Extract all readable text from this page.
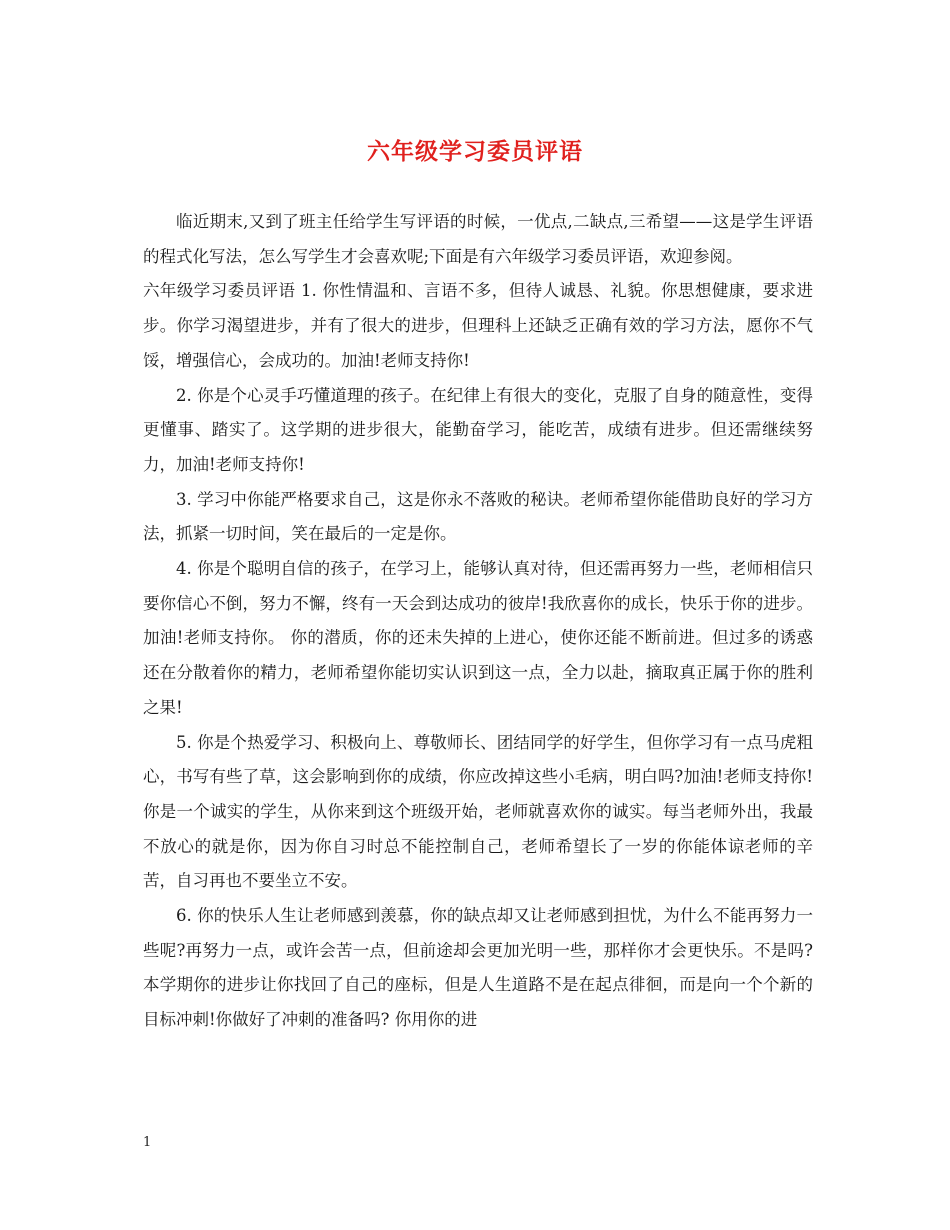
六年级学习委员评语

临近期末,又到了班主任给学生写评语的时候，一优点,二缺点,三希望——这是学生评语的程式化写法，怎么写学生才会喜欢呢;下面是有六年级学习委员评语，欢迎参阅。

六年级学习委员评语 1. 你性情温和、言语不多，但待人诚恳、礼貌。你思想健康，要求进步。你学习渴望进步，并有了很大的进步，但理科上还缺乏正确有效的学习方法，愿你不气馁，增强信心，会成功的。加油!老师支持你!

2. 你是个心灵手巧懂道理的孩子。在纪律上有很大的变化，克服了自身的随意性，变得更懂事、踏实了。这学期的进步很大，能勤奋学习，能吃苦，成绩有进步。但还需继续努力，加油!老师支持你!

3. 学习中你能严格要求自己，这是你永不落败的秘诀。老师希望你能借助良好的学习方法，抓紧一切时间，笑在最后的一定是你。

4. 你是个聪明自信的孩子，在学习上，能够认真对待，但还需再努力一些，老师相信只要你信心不倒，努力不懈，终有一天会到达成功的彼岸!我欣喜你的成长，快乐于你的进步。加油!老师支持你。 你的潜质，你的还未失掉的上进心，使你还能不断前进。但过多的诱惑还在分散着你的精力，老师希望你能切实认识到这一点，全力以赴，摘取真正属于你的胜利之果!

5. 你是个热爱学习、积极向上、尊敬师长、团结同学的好学生，但你学习有一点马虎粗心，书写有些了草，这会影响到你的成绩，你应改掉这些小毛病，明白吗?加油!老师支持你! 你是一个诚实的学生，从你来到这个班级开始，老师就喜欢你的诚实。每当老师外出，我最不放心的就是你，因为你自习时总不能控制自己，老师希望长了一岁的你能体谅老师的辛苦，自习再也不要坐立不安。

6. 你的快乐人生让老师感到羡慕，你的缺点却又让老师感到担忧，为什么不能再努力一些呢?再努力一点，或许会苦一点，但前途却会更加光明一些，那样你才会更快乐。不是吗? 本学期你的进步让你找回了自己的座标，但是人生道路不是在起点徘徊，而是向一个个新的目标冲刺!你做好了冲刺的准备吗? 你用你的进

1
